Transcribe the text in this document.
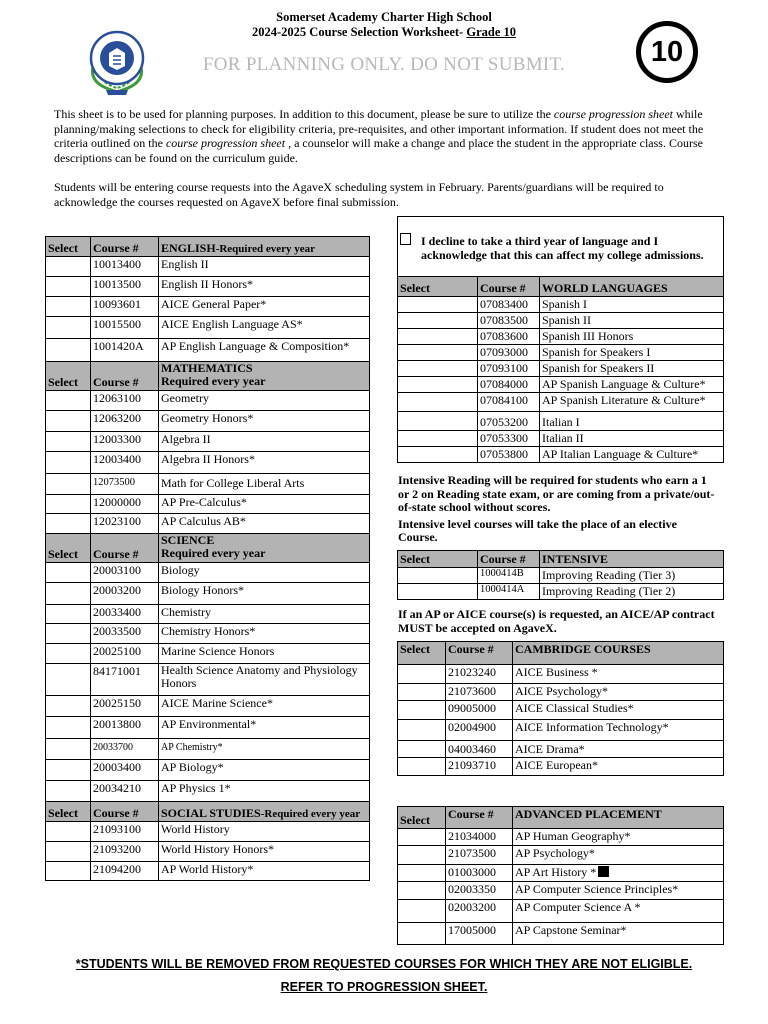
Somerset Academy Charter High School
2024-2025 Course Selection Worksheet- Grade 10
FOR PLANNING ONLY. DO NOT SUBMIT.	10

This sheet is to be used for planning purposes. In addition to this document, please be sure to utilize the course progression sheet while planning/making selections to check for eligibility criteria, pre-requisites, and other important information. If student does not meet the criteria outlined on the course progression sheet , a counselor will make a change and place the student in the appropriate class. Course descriptions can be found on the curriculum guide.

Students will be entering course requests into the AgaveX scheduling system in February. Parents/guardians will be required to acknowledge the courses requested on AgaveX before final submission.

Select	Course #	ENGLISH-Required every year
	10013400	English II
	10013500	English II Honors*
	10093601	AICE General Paper*
	10015500	AICE English Language AS*
	1001420A	AP English Language & Composition*
Select	Course #	MATHEMATICS
Required every year

	12063100	Geometry
	12063200	Geometry Honors*
	12003300	Algebra II
	12003400	Algebra II Honors*
	12073500	Math for College Liberal Arts
	12000000	AP Pre-Calculus*
	12023100	AP Calculus AB*
Select	Course #	SCIENCE
Required every year

	20003100	Biology
	20003200	Biology Honors*
	20033400	Chemistry
	20033500	Chemistry Honors*
	20025100	Marine Science Honors
	84171001	Health Science Anatomy and Physiology Honors
	20025150	AICE Marine Science*
	20013800	AP Environmental*
	20033700	AP Chemistry*
	20003400	AP Biology*
	20034210	AP Physics 1*
Select	Course #	SOCIAL STUDIES-Required every year
	21093100	World History
	21093200	World History Honors*
	21094200	AP World History*
I decline to take a third year of language and I acknowledge that this can affect my college admissions.
Select	Course #	WORLD LANGUAGES
	07083400	Spanish I
	07083500	Spanish II
	07083600	Spanish III Honors
	07093000	Spanish for Speakers I
	07093100	Spanish for Speakers II
	07084000	AP Spanish Language & Culture*
	07084100	AP Spanish Literature & Culture*
	07053200	Italian I
	07053300	Italian II
	07053800	AP Italian Language & Culture*
Intensive Reading will be required for students who earn a 1 or 2 on Reading state exam, or are coming from a private/out-of-state school without scores.
Intensive level courses will take the place of an elective Course.
Select	Course #	INTENSIVE
	1000414B	Improving Reading (Tier 3)
	1000414A	Improving Reading (Tier 2)
If an AP or AICE course(s) is requested, an AICE/AP contract MUST be accepted on AgaveX.
Select	Course #	CAMBRIDGE COURSES
	21023240	AICE Business *
	21073600	AICE Psychology*
	09005000	AICE Classical Studies*
	02004900	AICE Information Technology*
	04003460	AICE Drama*
	21093710	AICE European*
Select	Course #	ADVANCED PLACEMENT
	21034000	AP Human Geography*
	21073500	AP Psychology*
	01003000	AP Art History *
	02003350	AP Computer Science Principles*
	02003200	AP Computer Science A *
	17005000	AP Capstone Seminar*
*STUDENTS WILL BE REMOVED FROM REQUESTED COURSES FOR WHICH THEY ARE NOT ELIGIBLE.
REFER TO PROGRESSION SHEET.
